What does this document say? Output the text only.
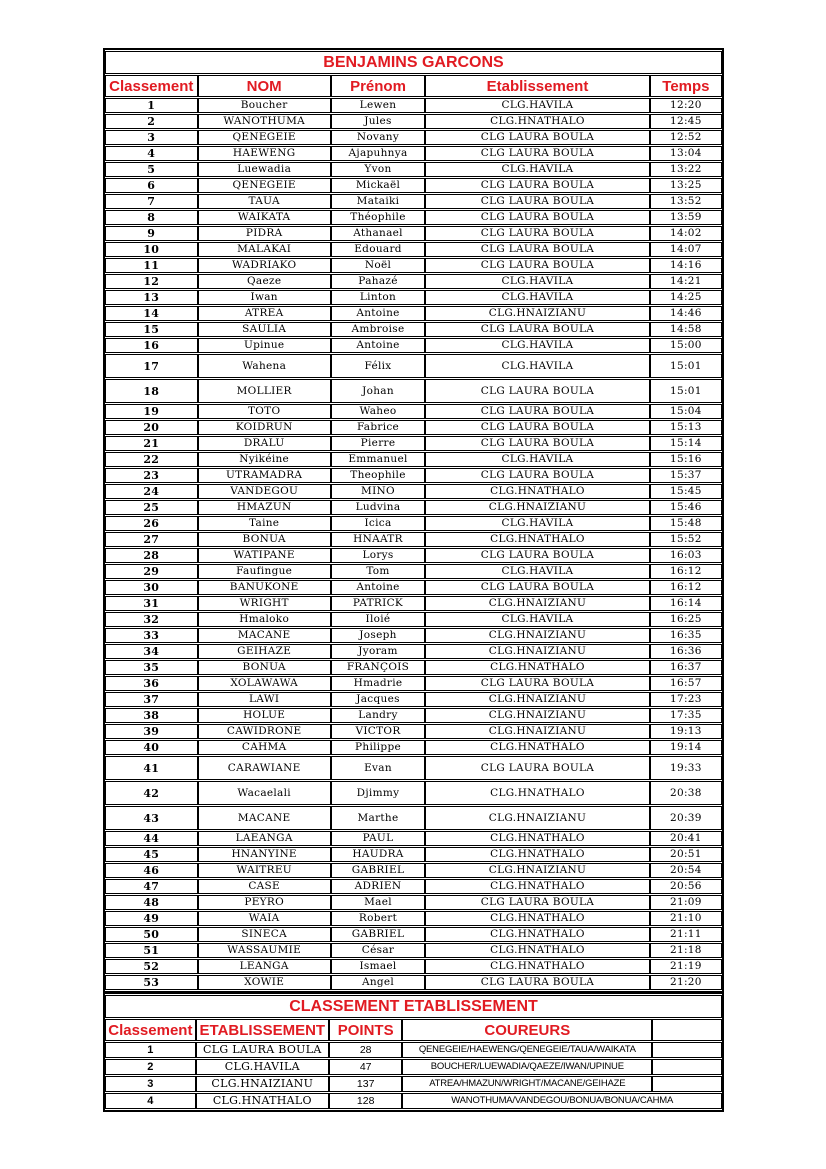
BENJAMINS GARCONS				
Classement	NOM	Prénom	Etablissement	Temps
1	Boucher	Lewen	CLG.HAVILA	12:20
2	WANOTHUMA	Jules	CLG.HNATHALO	12:45
3	QENEGEIE	Novany	CLG LAURA BOULA	12:52
4	HAEWENG	Ajapuhnya	CLG LAURA BOULA	13:04
5	Luewadia	Yvon	CLG.HAVILA	13:22
6	QENEGEIE	Mickaël	CLG LAURA BOULA	13:25
7	TAUA	Mataiki	CLG LAURA BOULA	13:52
8	WAIKATA	Théophile	CLG LAURA BOULA	13:59
9	PIDRA	Athanael	CLG LAURA BOULA	14:02
10	MALAKAI	Edouard	CLG LAURA BOULA	14:07
11	WADRIAKO	Noël	CLG LAURA BOULA	14:16
12	Qaeze	Pahazé	CLG.HAVILA	14:21
13	Iwan	Linton	CLG.HAVILA	14:25
14	ATREA	Antoine	CLG.HNAIZIANU	14:46
15	SAULIA	Ambroise	CLG LAURA BOULA	14:58
16	Upinue	Antoine	CLG.HAVILA	15:00
17	Wahena	Félix	CLG.HAVILA	15:01
18	MOLLIER	Johan	CLG LAURA BOULA	15:01
19	TOTO	Waheo	CLG LAURA BOULA	15:04
20	KOIDRUN	Fabrice	CLG LAURA BOULA	15:13
21	DRALU	Pierre	CLG LAURA BOULA	15:14
22	Nyikéine	Emmanuel	CLG.HAVILA	15:16
23	UTRAMADRA	Theophile	CLG LAURA BOULA	15:37
24	VANDEGOU	MINO	CLG.HNATHALO	15:45
25	HMAZUN	Ludvina	CLG.HNAIZIANU	15:46
26	Taine	Icica	CLG.HAVILA	15:48
27	BONUA	HNAATR	CLG.HNATHALO	15:52
28	WATIPANE	Lorys	CLG LAURA BOULA	16:03
29	Faufingue	Tom	CLG.HAVILA	16:12
30	BANUKONE	Antoine	CLG LAURA BOULA	16:12
31	WRIGHT	PATRICK	CLG.HNAIZIANU	16:14
32	Hmaloko	Iloié	CLG.HAVILA	16:25
33	MACANE	Joseph	CLG.HNAIZIANU	16:35
34	GEIHAZE	Jyoram	CLG.HNAIZIANU	16:36
35	BONUA	FRANÇOIS	CLG.HNATHALO	16:37
36	XOLAWAWA	Hmadrie	CLG LAURA BOULA	16:57
37	LAWI	Jacques	CLG.HNAIZIANU	17:23
38	HOLUE	Landry	CLG.HNAIZIANU	17:35
39	CAWIDRONE	VICTOR	CLG.HNAIZIANU	19:13
40	CAHMA	Philippe	CLG.HNATHALO	19:14
41	CARAWIANE	Evan	CLG LAURA BOULA	19:33
42	Wacaelali	Djimmy	CLG.HNATHALO	20:38
43	MACANE	Marthe	CLG.HNAIZIANU	20:39
44	LAEANGA	PAUL	CLG.HNATHALO	20:41
45	HNANYINE	HAUDRA	CLG.HNATHALO	20:51
46	WAITREU	GABRIEL	CLG.HNAIZIANU	20:54
47	CASE	ADRIEN	CLG.HNATHALO	20:56
48	PEYRO	Mael	CLG LAURA BOULA	21:09
49	WAIA	Robert	CLG.HNATHALO	21:10
50	SINECA	GABRIEL	CLG.HNATHALO	21:11
51	WASSAUMIE	César	CLG.HNATHALO	21:18
52	LEANGA	Ismael	CLG.HNATHALO	21:19
53	XOWIE	Angel	CLG LAURA BOULA	21:20
CLASSEMENT ETABLISSEMENT				
Classement	ETABLISSEMENT	POINTS	COUREURS	
1	CLG LAURA BOULA	28	QENEGEIE/HAEWENG/QENEGEIE/TAUA/WAIKATA	
2	CLG.HAVILA	47	BOUCHER/LUEWADIA/QAEZE/IWAN/UPINUE	
3	CLG.HNAIZIANU	137	ATREA/HMAZUN/WRIGHT/MACANE/GEIHAZE	
4	CLG.HNATHALO	128	WANOTHUMA/VANDEGOU/BONUA/BONUA/CAHMA	
